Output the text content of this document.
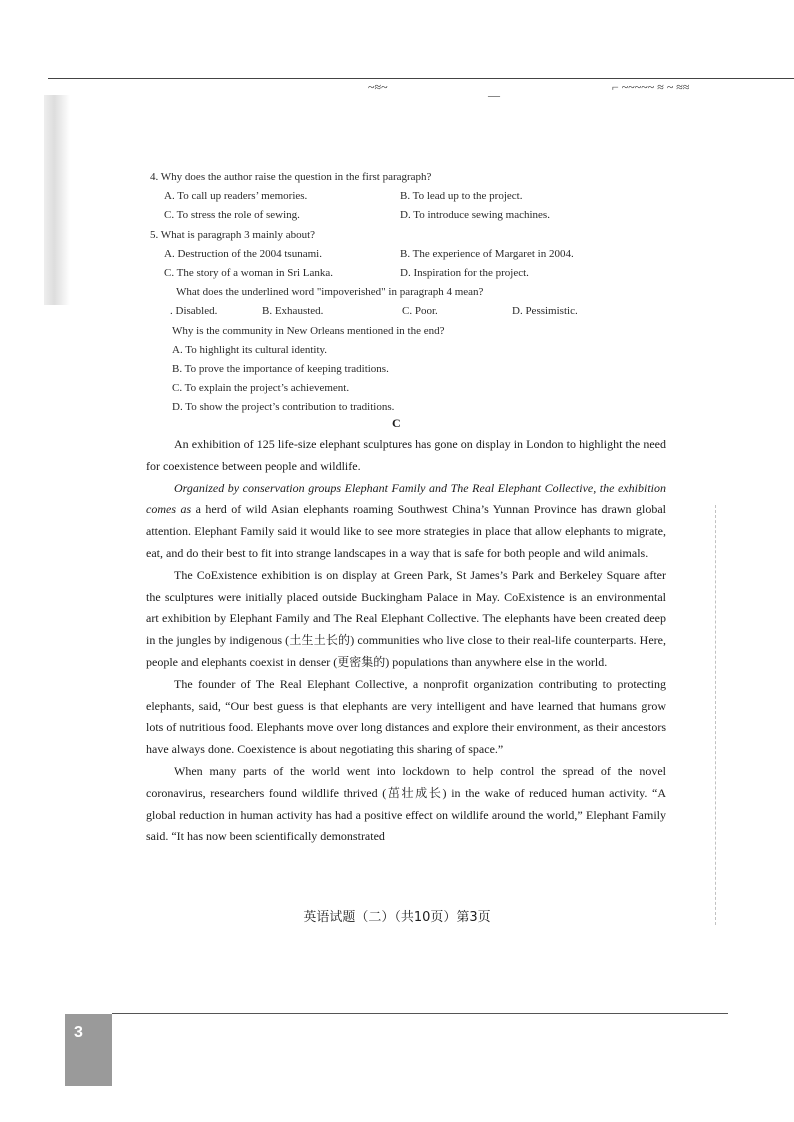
~≈~
—
⌐ ~~~~~ ≈ ~ ≈≈
4. Why does the author raise the question in the first paragraph?
A. To call up readers’ memories.	B. To lead up to the project.
C. To stress the role of sewing.	D. To introduce sewing machines.
5. What is paragraph 3 mainly about?
A. Destruction of the 2004 tsunami.	B. The experience of Margaret in 2004.
C. The story of a woman in Sri Lanka.	D. Inspiration for the project.
What does the underlined word "impoverished" in paragraph 4 mean?
. Disabled.	B. Exhausted.	C. Poor.	D. Pessimistic.
Why is the community in New Orleans mentioned in the end?
A. To highlight its cultural identity.
B. To prove the importance of keeping traditions.
C. To explain the project’s achievement.
D. To show the project’s contribution to traditions.
C

An exhibition of 125 life-size elephant sculptures has gone on display in London to highlight the need for coexistence between people and wildlife.

Organized by conservation groups Elephant Family and The Real Elephant Collective, the exhibition comes as a herd of wild Asian elephants roaming Southwest China’s Yunnan Province has drawn global attention. Elephant Family said it would like to see more strategies in place that allow elephants to migrate, eat, and do their best to fit into strange landscapes in a way that is safe for both people and wild animals.

The CoExistence exhibition is on display at Green Park, St James’s Park and Berkeley Square after the sculptures were initially placed outside Buckingham Palace in May. CoExistence is an environmental art exhibition by Elephant Family and The Real Elephant Collective. The elephants have been created deep in the jungles by indigenous (土生土长的) communities who live close to their real-life counterparts. Here, people and elephants coexist in denser (更密集的) populations than anywhere else in the world.

The founder of The Real Elephant Collective, a nonprofit organization contributing to protecting elephants, said, “Our best guess is that elephants are very intelligent and have learned that humans grow lots of nutritious food. Elephants move over long distances and explore their environment, as their ancestors have always done. Coexistence is about negotiating this sharing of space.”

When many parts of the world went into lockdown to help control the spread of the novel coronavirus, researchers found wildlife thrived (茁壮成长) in the wake of reduced human activity. “A global reduction in human activity has had a positive effect on wildlife around the world,” Elephant Family said. “It has now been scientifically demonstrated

英语试题（二）（共10页）第3页
3
